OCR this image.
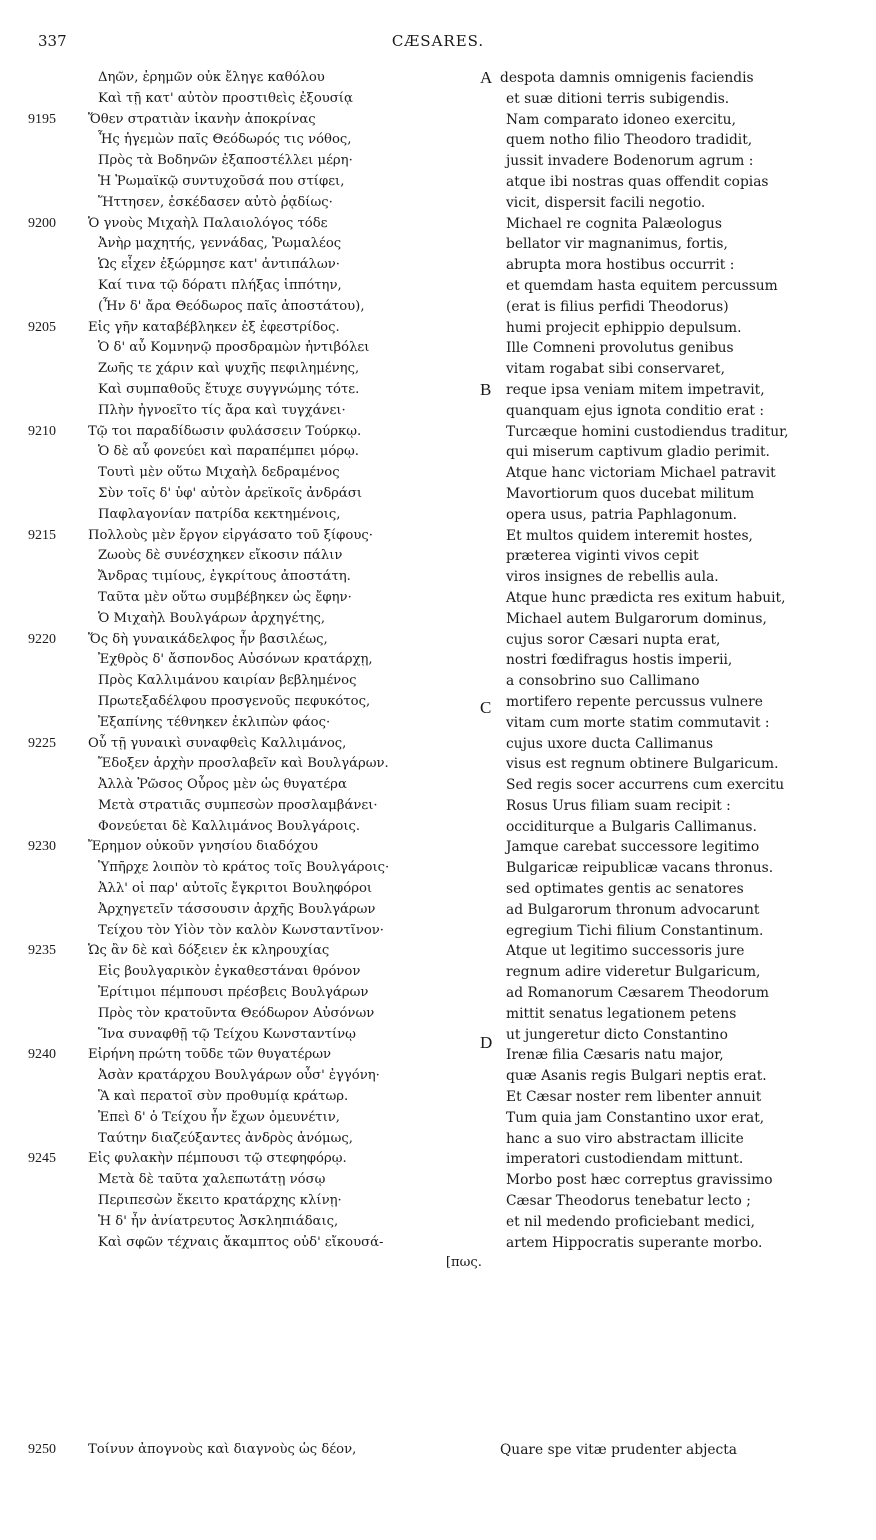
CÆSARES.
337
Δηῶν, ἐρημῶν οὐκ ἔληγε καθόλου
Καὶ τῇ κατ' αὐτὸν προστιθεὶς ἐξουσίᾳ
9195	Ὅθεν στρατιὰν ἱκανὴν ἀποκρίνας
Ἧς ἡγεμὼν παῖς Θεόδωρός τις νόθος,
Πρὸς τὰ Βοδηνῶν ἐξαποστέλλει μέρη·
Ἡ Ῥωμαϊκῷ συντυχοῦσά που στίφει,
Ἥττησεν, ἐσκέδασεν αὐτὸ ῥᾳδίως·
9200	Ὁ γνοὺς Μιχαὴλ Παλαιολόγος τόδε
Ἀνὴρ μαχητής, γεννάδας, Ῥωμαλέος
Ὡς εἶχεν ἐξώρμησε κατ' ἀντιπάλων·
Καί τινα τῷ δόρατι πλήξας ἱππότην,
(Ἦν δ' ἄρα Θεόδωρος παῖς ἀποστάτου),
9205	Εἰς γῆν καταβέβληκεν ἐξ ἐφεστρίδος.
Ὁ δ' αὖ Κομνηνῷ προσδραμὼν ἠντιβόλει
Ζωῆς τε χάριν καὶ ψυχῆς πεφιλημένης,
Καὶ συμπαθοῦς ἔτυχε συγγνώμης τότε.
Πλὴν ἠγνοεῖτο τίς ἄρα καὶ τυγχάνει·
9210	Τῷ τοι παραδίδωσιν φυλάσσειν Τούρκῳ.
Ὁ δὲ αὖ φονεύει καὶ παραπέμπει μόρῳ.
Τουτὶ μὲν οὕτω Μιχαὴλ δεδραμένος
Σὺν τοῖς δ' ὑφ' αὐτὸν ἀρεϊκοῖς ἀνδράσι
Παφλαγονίαν πατρίδα κεκτημένοις,
9215	Πολλοὺς μὲν ἔργον εἰργάσατο τοῦ ξίφους·
Ζωοὺς δὲ συνέσχηκεν εἴκοσιν πάλιν
Ἄνδρας τιμίους, ἐγκρίτους ἀποστάτη.
Ταῦτα μὲν οὕτω συμβέβηκεν ὡς ἔφην·
Ὁ Μιχαὴλ Βουλγάρων ἀρχηγέτης,
9220	Ὅς δὴ γυναικάδελφος ἦν βασιλέως,
Ἐχθρὸς δ' ἄσπονδος Αὐσόνων κρατάρχῃ,
Πρὸς Καλλιμάνου καιρίαν βεβλημένος
Πρωτεξαδέλφου προσγενοῦς πεφυκότος,
Ἐξαπίνης τέθνηκεν ἐκλιπὼν φάος·
9225	Οὗ τῇ γυναικὶ συναφθεὶς Καλλιμάνος,
Ἔδοξεν ἀρχὴν προσλαβεῖν καὶ Βουλγάρων.
Ἀλλὰ Ῥῶσος Οὖρος μὲν ὡς θυγατέρα
Μετὰ στρατιᾶς συμπεσὼν προσλαμβάνει·
Φονεύεται δὲ Καλλιμάνος Βουλγάροις.
9230	Ἔρημον οὐκοῦν γνησίου διαδόχου
Ὑπῆρχε λοιπὸν τὸ κράτος τοῖς Βουλγάροις·
Ἀλλ' οἱ παρ' αὐτοῖς ἔγκριτοι Βουληφόροι
Ἀρχηγετεῖν τάσσουσιν ἀρχῆς Βουλγάρων
Τείχου τὸν Υἱὸν τὸν καλὸν Κωνσταντῖνον·
9235	Ὡς ἂν δὲ καὶ δόξειεν ἐκ κληρουχίας
Εἰς βουλγαρικὸν ἐγκαθεστάναι θρόνον
Ἐρίτιμοι πέμπουσι πρέσβεις Βουλγάρων
Πρὸς τὸν κρατοῦντα Θεόδωρον Αὐσόνων
Ἵνα συναφθῇ τῷ Τείχου Κωνσταντίνῳ
9240	Εἰρήνη πρώτη τοῦδε τῶν θυγατέρων
Ἀσὰν κρατάρχου Βουλγάρων οὖσ' ἐγγόνη·
Ἃ καὶ περατοῖ σὺν προθυμίᾳ κράτωρ.
Ἐπεὶ δ' ὁ Τείχου ἦν ἔχων ὁμευνέτιν,
Ταύτην διαζεύξαντες ἀνδρὸς ἀνόμως,
9245	Εἰς φυλακὴν πέμπουσι τῷ στεφηφόρῳ.
Μετὰ δὲ ταῦτα χαλεπωτάτῃ νόσῳ
Περιπεσὼν ἔκειτο κρατάρχης κλίνῃ·
Ἡ δ' ἦν ἀνίατρευτος Ἀσκληπιάδαις,
Καὶ σφῶν τέχναις ἄκαμπτος οὐδ' εἴκουσά-
[πως.
A despota damnis omnigenis faciendis
et suæ ditioni terris subigendis.
Nam comparato idoneo exercitu,
quem notho filio Theodoro tradidit,
jussit invadere Bodenorum agrum :
atque ibi nostras quas offendit copias
vicit, dispersit facili negotio.
Michael re cognita Palæologus
bellator vir magnanimus, fortis,
abrupta mora hostibus occurrit :
et quemdam hasta equitem percussum
(erat is filius perfidi Theodorus)
humi projecit ephippio depulsum.
Ille Comneni provolutus genibus
vitam rogabat sibi conservaret,
B reque ipsa veniam mitem impetravit,
quanquam ejus ignota conditio erat :
Turcæque homini custodiendus traditur,
qui miserum captivum gladio perimit.
Atque hanc victoriam Michael patravit
Mavortiorum quos ducebat militum
opera usus, patria Paphlagonum.
Et multos quidem interemit hostes,
præterea viginti vivos cepit
viros insignes de rebellis aula.
Atque hunc prædicta res exitum habuit,
Michael autem Bulgarorum dominus,
cujus soror Cæsari nupta erat,
nostri fœdifragus hostis imperii,
a consobrino suo Callimano
C mortifero repente percussus vulnere
vitam cum morte statim commutavit :
cujus uxore ducta Callimanus
visus est regnum obtinere Bulgaricum.
Sed regis socer accurrens cum exercitu
Rosus Urus filiam suam recipit :
occiditurque a Bulgaris Callimanus.
Jamque carebat successore legitimo
Bulgaricæ reipublicæ vacans thronus.
sed optimates gentis ac senatores
ad Bulgarorum thronum advocarunt
egregium Tichi filium Constantinum.
Atque ut legitimo successoris jure
regnum adire videretur Bulgaricum,
ad Romanorum Cæsarem Theodorum
mittit senatus legationem petens
D ut jungeretur dicto Constantino
Irenæ filia Cæsaris natu major,
quæ Asanis regis Bulgari neptis erat.
Et Cæsar noster rem libenter annuit
Tum quia jam Constantino uxor erat,
hanc a suo viro abstractam illicite
imperatori custodiendam mittunt.
Morbo post hæc correptus gravissimo
Cæsar Theodorus tenebatur lecto ;
et nil medendo proficiebant medici,
artem Hippocratis superante morbo.
9250	Τοίνυν ἀπογνοὺς καὶ διαγνοὺς ὡς δέον,	Quare spe vitæ prudenter abjecta
